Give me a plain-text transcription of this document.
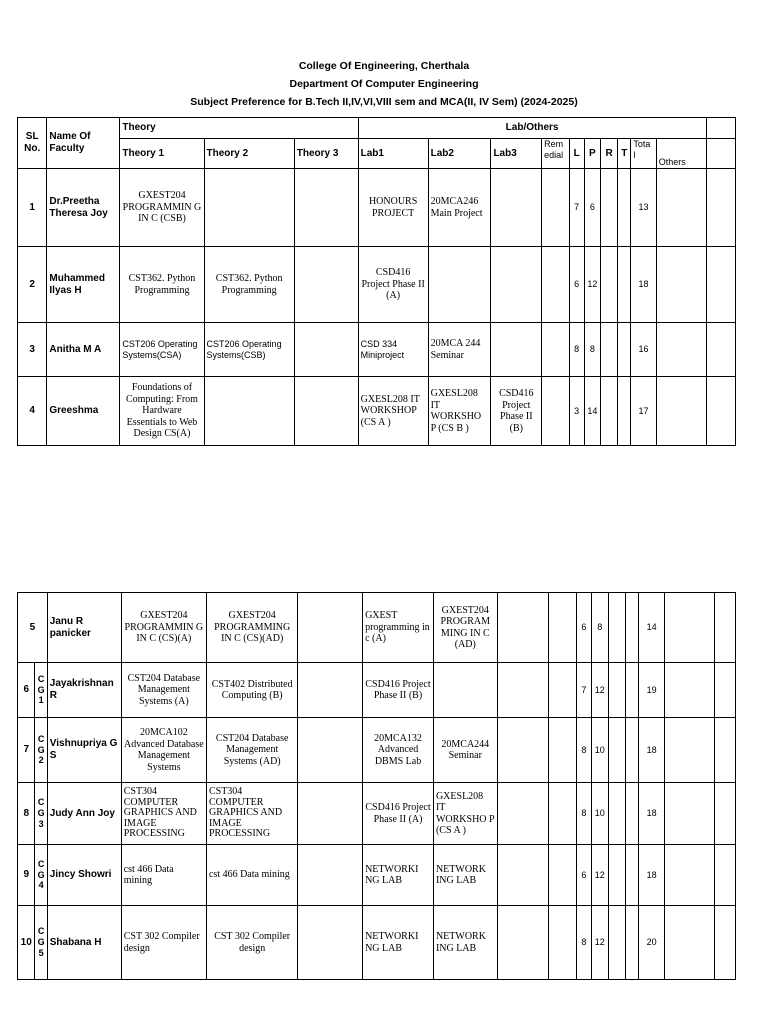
College Of Engineering, Cherthala
Department Of Computer Engineering
Subject Preference for B.Tech II,IV,VI,VIII sem and MCA(II, IV Sem) (2024-2025)
SL No.	Name Of Faculty	Theory			Lab/Others										
		Theory 1	Theory 2	Theory 3	Lab1	Lab2	Lab3	Rem edial	L	P	R	T	Tota l	Others	
1	Dr.Preetha Theresa Joy	GXEST204 PROGRAMMIN G IN C (CSB)			HONOURS PROJECT	20MCA246 Main Project			7	6			13		
2	Muhammed Ilyas H	CST362. Python Programming	CST362. Python Programming		CSD416 Project Phase II (A)				6	12			18		
3	Anitha M A	CST206 Operating Systems(CSA)	CST206 Operating Systems(CSB)		CSD 334 Miniproject	20MCA 244 Seminar			8	8			16		
4	Greeshma	Foundations of Computing: From Hardware Essentials to Web Design CS(A)			GXESL208 IT WORKSHOP (CS A )	GXESL208 IT WORKSHO P (CS B )	CSD416 Project Phase II (B)		3	14			17		
5		Janu R panicker	GXEST204 PROGRAMMIN G IN C (CS)(A)	GXEST204 PROGRAMMING IN C (CS)(AD)		GXEST programming in c (A)	GXEST204 PROGRAM MING IN C (AD)			6	8			14		
6	C G 1	Jayakrishnan R	CST204 Database Management Systems (A)	CST402 Distributed Computing (B)		CSD416 Project Phase II (B)				7	12			19		
7	C G 2	Vishnupriya G S	20MCA102 Advanced Database Management Systems	CST204 Database Management Systems (AD)		20MCA132 Advanced DBMS Lab	20MCA244 Seminar			8	10			18		
8	C G 3	Judy Ann Joy	CST304 COMPUTER GRAPHICS AND IMAGE PROCESSING	CST304 COMPUTER GRAPHICS AND IMAGE PROCESSING		CSD416 Project Phase II (A)	GXESL208 IT WORKSHO P (CS A )			8	10			18		
9	C G 4	Jincy Showri	cst 466 Data mining	cst 466 Data mining		NETWORKI NG LAB	NETWORK ING LAB			6	12			18		
10	C G 5	Shabana H	CST 302 Compiler design	CST 302 Compiler design		NETWORKI NG LAB	NETWORK ING LAB			8	12			20		
